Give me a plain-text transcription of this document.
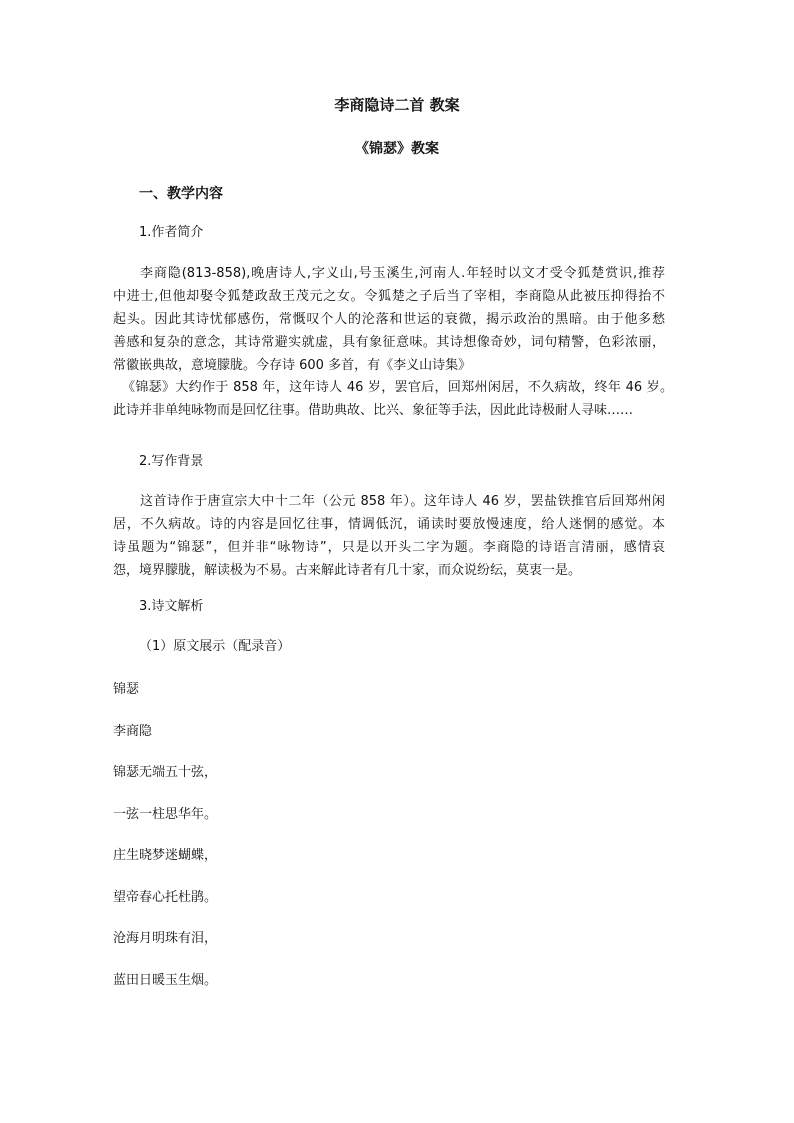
李商隐诗二首 教案
《锦瑟》教案
一、教学内容
1.作者简介
李商隐(813-858),晚唐诗人,字义山,号玉溪生,河南人.年轻时以文才受令狐楚赏识,推荐
中进士,但他却娶令狐楚政敌王茂元之女。令狐楚之子后当了宰相，李商隐从此被压抑得抬不
起头。因此其诗忧郁感伤，常慨叹个人的沦落和世运的衰微，揭示政治的黑暗。由于他多愁
善感和复杂的意念，其诗常避实就虚，具有象征意味。其诗想像奇妙，词句精警，色彩浓丽，
常徽嵌典故，意境朦胧。今存诗 600 多首，有《李义山诗集》
《锦瑟》大约作于 858 年，这年诗人 46 岁，罢官后，回郑州闲居，不久病故，终年 46 岁。
此诗并非单纯咏物而是回忆往事。借助典故、比兴、象征等手法，因此此诗极耐人寻味……
2.写作背景
这首诗作于唐宣宗大中十二年（公元 858 年）。这年诗人 46 岁，罢盐铁推官后回郑州闲
居，不久病故。诗的内容是回忆往事，情调低沉，诵读时要放慢速度，给人迷惘的感觉。本
诗虽题为“锦瑟”，但并非“咏物诗”，只是以开头二字为题。李商隐的诗语言清丽，感情哀
怨，境界朦胧，解读极为不易。古来解此诗者有几十家，而众说纷纭，莫衷一是。
3.诗文解析
（1）原文展示（配录音）
锦瑟
李商隐
锦瑟无端五十弦，
一弦一柱思华年。
庄生晓梦迷蝴蝶，
望帝春心托杜鹃。
沧海月明珠有泪，
蓝田日暖玉生烟。
